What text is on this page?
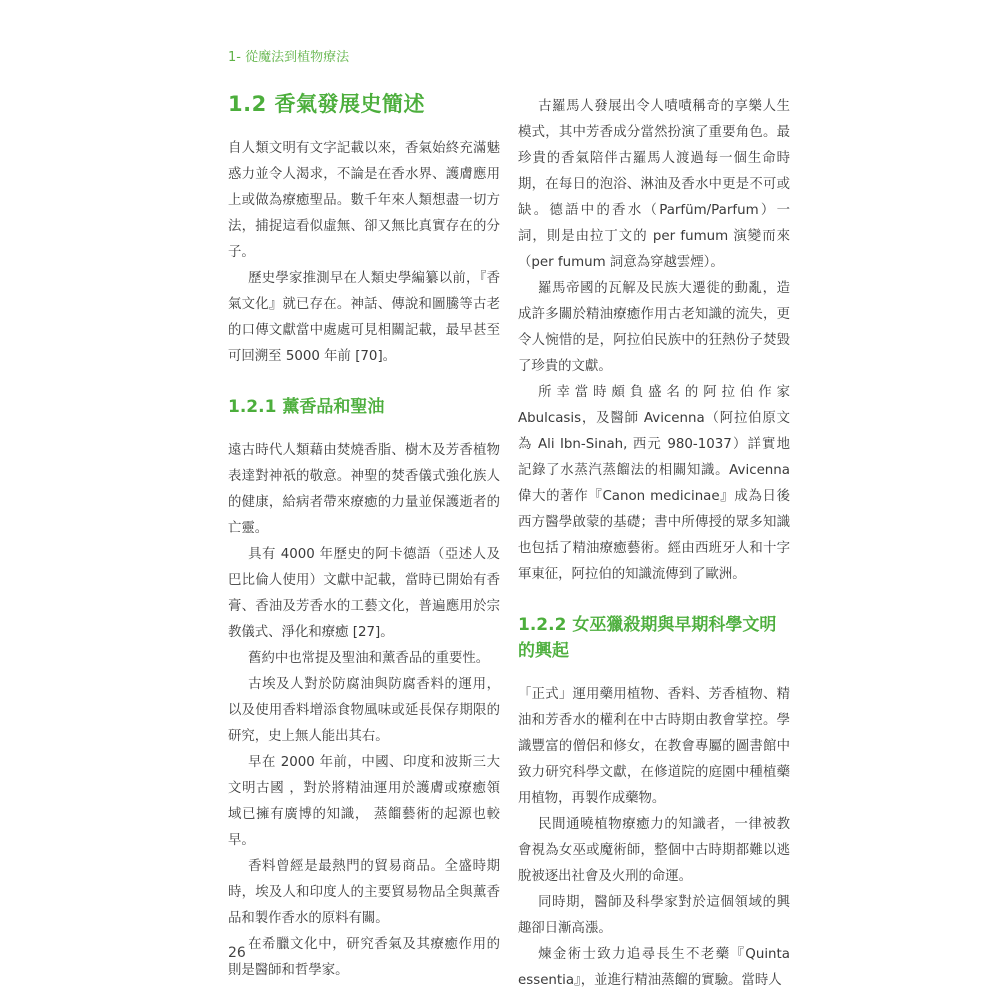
1- 從魔法到植物療法
1.2 香氣發展史簡述

自人類文明有文字記載以來，香氣始終充滿魅惑力並令人渴求，不論是在香水界、護膚應用上或做為療癒聖品。數千年來人類想盡一切方法，捕捉這看似虛無、卻又無比真實存在的分子。

歷史學家推測早在人類史學編纂以前，『香氣文化』就已存在。神話、傳說和圖騰等古老的口傳文獻當中處處可見相關記載，最早甚至可回溯至 5000 年前 [70]。

1.2.1 薰香品和聖油

遠古時代人類藉由焚燒香脂、樹木及芳香植物表達對神祇的敬意。神聖的焚香儀式強化族人的健康，給病者帶來療癒的力量並保護逝者的亡靈。

具有 4000 年歷史的阿卡德語（亞述人及巴比倫人使用）文獻中記載，當時已開始有香膏、香油及芳香水的工藝文化，普遍應用於宗教儀式、淨化和療癒 [27]。

舊約中也常提及聖油和薰香品的重要性。

古埃及人對於防腐油與防腐香料的運用，以及使用香料增添食物風味或延長保存期限的研究，史上無人能出其右。

早在 2000 年前，中國、印度和波斯三大文明古國 ，對於將精油運用於護膚或療癒領域已擁有廣博的知識， 蒸餾藝術的起源也較早。

香料曾經是最熱門的貿易商品。全盛時期時，埃及人和印度人的主要貿易物品全與薰香品和製作香水的原料有關。

在希臘文化中，研究香氣及其療癒作用的則是醫師和哲學家。

古羅馬人發展出令人嘖嘖稱奇的享樂人生模式，其中芳香成分當然扮演了重要角色。最珍貴的香氣陪伴古羅馬人渡過每一個生命時期，在每日的泡浴、淋油及香水中更是不可或缺。德語中的香水（Parfüm/Parfum）一詞，則是由拉丁文的 per fumum 演變而來（per fumum 詞意為穿越雲煙）。

羅馬帝國的瓦解及民族大遷徙的動亂，造成許多關於精油療癒作用古老知識的流失，更令人惋惜的是，阿拉伯民族中的狂熱份子焚毀了珍貴的文獻。

所幸當時頗負盛名的阿拉伯作家 Abulcasis，及醫師 Avicenna（阿拉伯原文為 Ali Ibn-Sinah, 西元 980-1037）詳實地記錄了水蒸汽蒸餾法的相關知識。Avicenna 偉大的著作『Canon medicinae』成為日後西方醫學啟蒙的基礎；書中所傳授的眾多知識也包括了精油療癒藝術。經由西班牙人和十字軍東征，阿拉伯的知識流傳到了歐洲。

1.2.2 女巫獵殺期與早期科學文明的興起

「正式」運用藥用植物、香料、芳香植物、精油和芳香水的權利在中古時期由教會掌控。學識豐富的僧侶和修女，在教會專屬的圖書館中致力研究科學文獻，在修道院的庭園中種植藥用植物，再製作成藥物。

民間通曉植物療癒力的知識者，一律被教會視為女巫或魔術師，整個中古時期都難以逃脫被逐出社會及火刑的命運。

同時期，醫師及科學家對於這個領域的興趣卻日漸高漲。

煉金術士致力追尋長生不老藥『Quinta essentia』，並進行精油蒸餾的實驗。當時人

26
